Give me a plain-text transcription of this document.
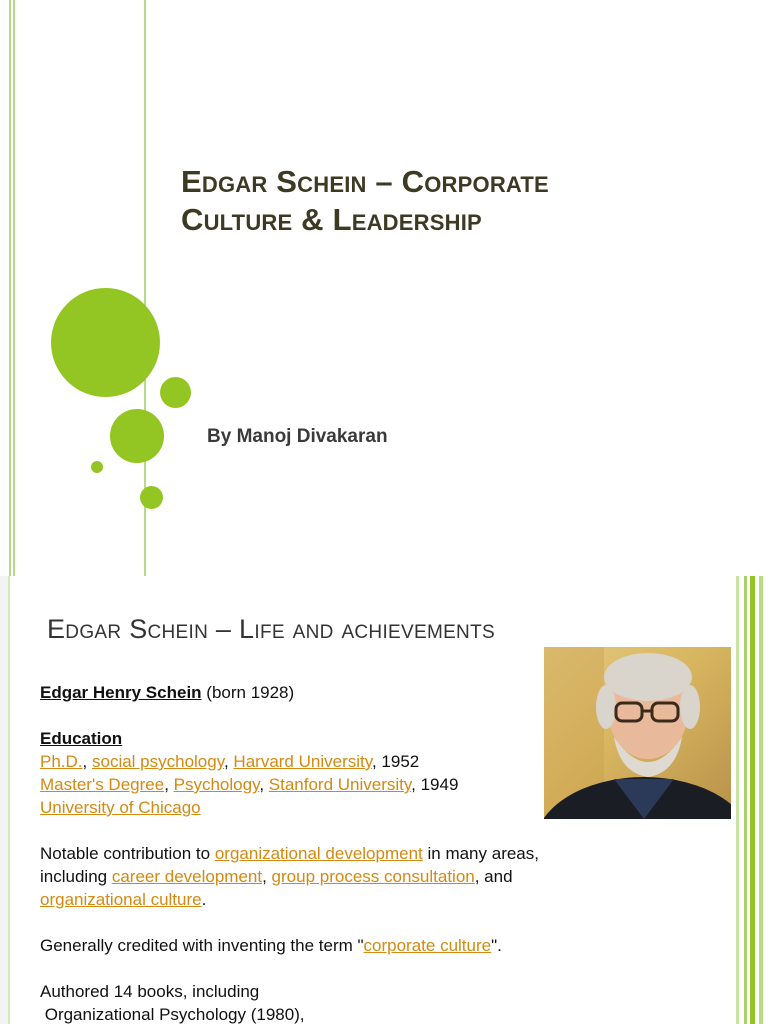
Edgar Schein – Corporate
Culture & Leadership
By Manoj Divakaran
Edgar Schein – Life and achievements
Edgar Henry Schein (born 1928)
Education
Ph.D., social psychology, Harvard University, 1952
Master's Degree, Psychology, Stanford University, 1949
University of Chicago
Notable contribution to organizational development in many areas,
including career development, group process consultation, and
organizational culture.
Generally credited with inventing the term "corporate culture".
Authored 14 books, including
Organizational Psychology (1980),
